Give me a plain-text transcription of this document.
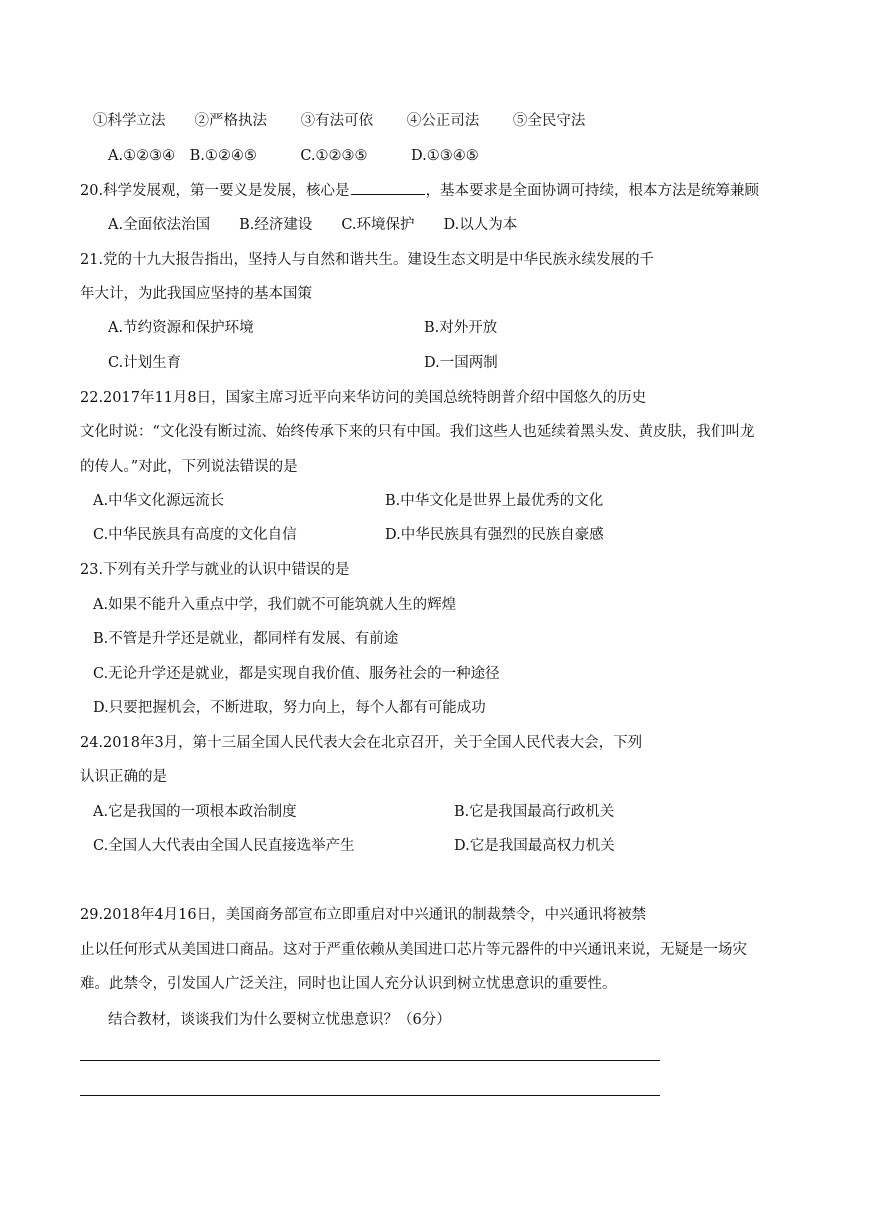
①科学立法　　②严格执法　　 ③有法可依　　 ④公正司法　　 ⑤全民守法
A.①②③④　B.①②④⑤　　　C.①②③⑤　　　D.①③④⑤
20.科学发展观，第一要义是发展，核心是	，基本要求是全面协调可持续，根本方法是统筹兼顾
A.全面依法治国　　B.经济建设　　C.环境保护　　D.以人为本
21.党的十九大报告指出，坚持人与自然和谐共生。建设生态文明是中华民族永续发展的千
年大计，为此我国应坚持的基本国策
A.节约资源和保护环境	B.对外开放
C.计划生育	D.一国两制
22.2017年11月8日，国家主席习近平向来华访问的美国总统特朗普介绍中国悠久的历史
文化时说：“文化没有断过流、始终传承下来的只有中国。我们这些人也延续着黑头发、黄皮肤，我们叫龙
的传人。”对此，下列说法错误的是
A.中华文化源远流长	B.中华文化是世界上最优秀的文化
C.中华民族具有高度的文化自信	D.中华民族具有强烈的民族自豪感
23.下列有关升学与就业的认识中错误的是
A.如果不能升入重点中学，我们就不可能筑就人生的辉煌
B.不管是升学还是就业，都同样有发展、有前途
C.无论升学还是就业，都是实现自我价值、服务社会的一种途径
D.只要把握机会，不断进取，努力向上，每个人都有可能成功
24.2018年3月，第十三届全国人民代表大会在北京召开，关于全国人民代表大会，下列
认识正确的是
A.它是我国的一项根本政治制度	B.它是我国最高行政机关
C.全国人大代表由全国人民直接选举产生	D.它是我国最高权力机关
29.2018年4月16日，美国商务部宣布立即重启对中兴通讯的制裁禁令，中兴通讯将被禁
止以任何形式从美国进口商品。这对于严重依赖从美国进口芯片等元器件的中兴通讯来说，无疑是一场灾
难。此禁令，引发国人广泛关注，同时也让国人充分认识到树立忧患意识的重要性。
结合教材，谈谈我们为什么要树立忧患意识？（6分）
